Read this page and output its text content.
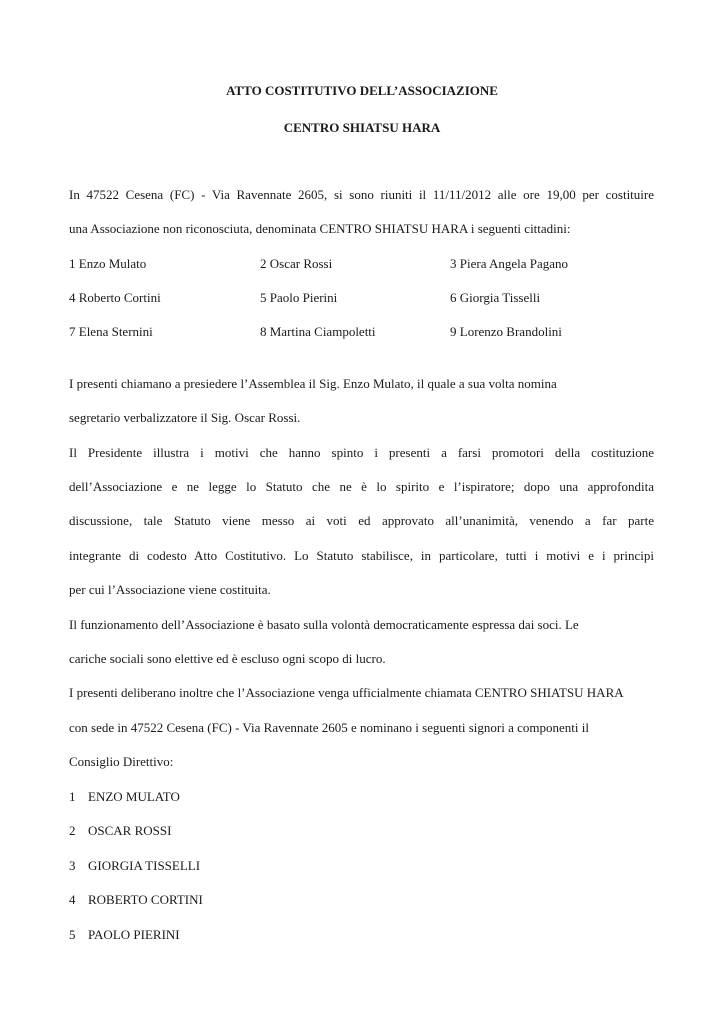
ATTO COSTITUTIVO DELL’ASSOCIAZIONE
CENTRO SHIATSU HARA
In 47522 Cesena (FC) - Via Ravennate 2605, si sono riuniti il 11/11/2012 alle ore 19,00 per costituire
una Associazione non riconosciuta, denominata CENTRO SHIATSU HARA i seguenti cittadini:
1 Enzo Mulato	2 Oscar Rossi	3 Piera Angela Pagano
4 Roberto Cortini	5 Paolo Pierini	6 Giorgia Tisselli
7 Elena Sternini	8 Martina Ciampoletti	9 Lorenzo Brandolini
I presenti chiamano a presiedere l’Assemblea il Sig. Enzo Mulato, il quale a sua volta nomina
segretario verbalizzatore il Sig. Oscar Rossi.
Il Presidente illustra i motivi che hanno spinto i presenti a farsi promotori della costituzione
dell’Associazione e ne legge lo Statuto che ne è lo spirito e l’ispiratore; dopo una approfondita
discussione, tale Statuto viene messo ai voti ed approvato all’unanimità, venendo a far parte
integrante di codesto Atto Costitutivo. Lo Statuto stabilisce, in particolare, tutti i motivi e i principi
per cui l’Associazione viene costituita.
Il funzionamento dell’Associazione è basato sulla volontà democraticamente espressa dai soci. Le
cariche sociali sono elettive ed è escluso ogni scopo di lucro.
I presenti deliberano inoltre che l’Associazione venga ufficialmente chiamata CENTRO SHIATSU HARA
con sede in 47522 Cesena (FC) - Via Ravennate 2605 e nominano i seguenti signori a componenti il
Consiglio Direttivo:
1 ENZO MULATO
2 OSCAR ROSSI
3 GIORGIA TISSELLI
4 ROBERTO CORTINI
5 PAOLO PIERINI
